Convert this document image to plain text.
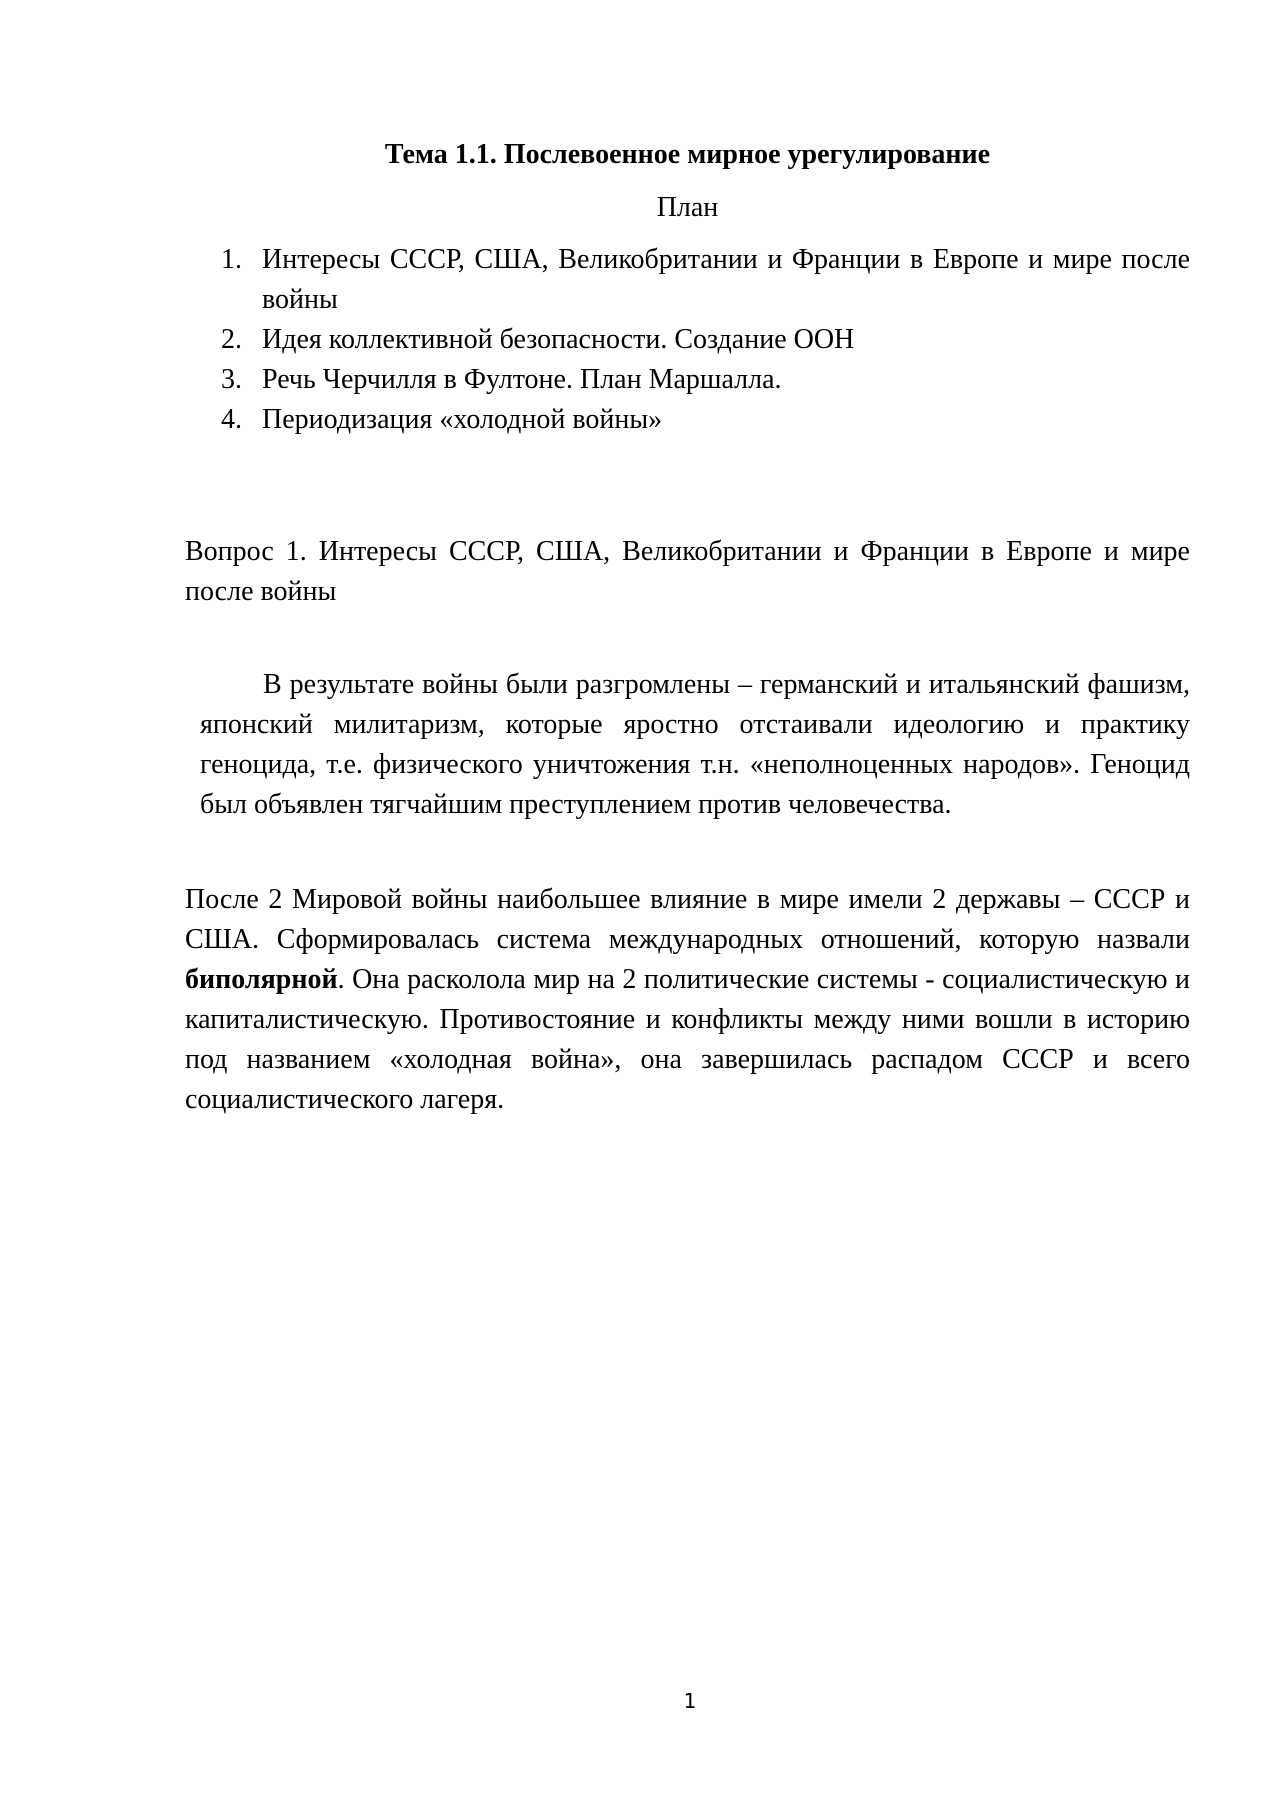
Тема 1.1. Послевоенное мирное урегулирование
План
1. Интересы СССР, США, Великобритании и Франции в Европе и мире после войны
2. Идея коллективной безопасности. Создание ООН
3. Речь Черчилля в Фултоне. План Маршалла.
4. Периодизация «холодной войны»

Вопрос 1. Интересы СССР, США, Великобритании и Франции в Европе и мире после войны

В результате войны были разгромлены – германский и итальянский фашизм, японский милитаризм, которые яростно отстаивали идеологию и практику геноцида, т.е. физического уничтожения т.н. «неполноценных народов». Геноцид был объявлен тягчайшим преступлением против человечества.

После 2 Мировой войны наибольшее влияние в мире имели 2 державы – СССР и США. Сформировалась система международных отношений, которую назвали биполярной. Она расколола мир на 2 политические системы - социалистическую и капиталистическую. Противостояние и конфликты между ними вошли в историю под названием «холодная война», она завершилась распадом СССР и всего социалистического лагеря.

1
